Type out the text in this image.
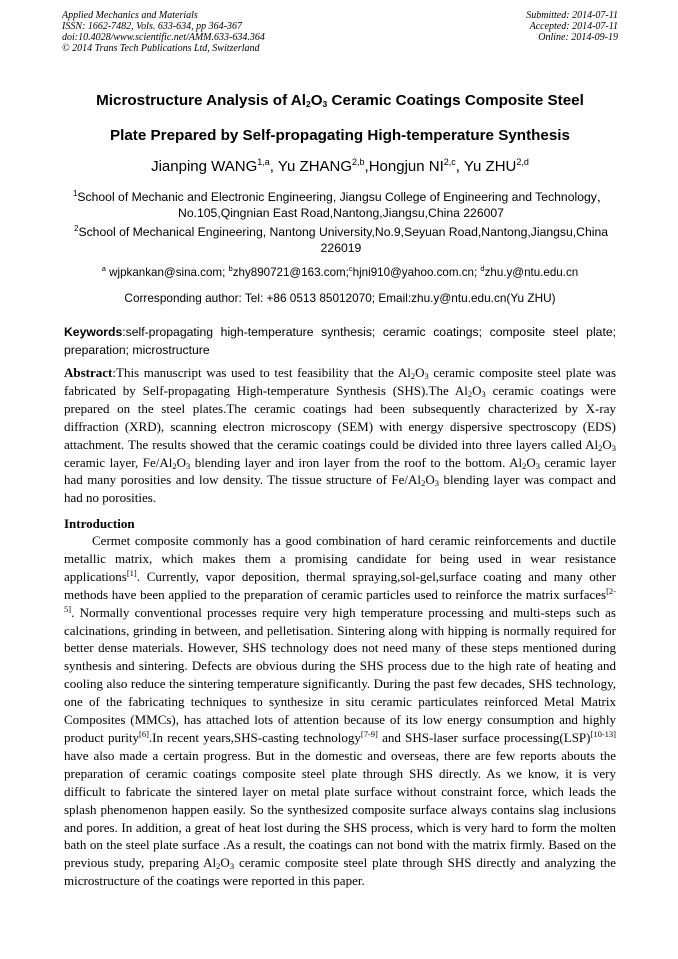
Applied Mechanics and Materials
ISSN: 1662-7482, Vols. 633-634, pp 364-367
doi:10.4028/www.scientific.net/AMM.633-634.364
© 2014 Trans Tech Publications Ltd, Switzerland
Submitted: 2014-07-11
Accepted: 2014-07-11
Online: 2014-09-19
Microstructure Analysis of $Al_2O_3$ Ceramic Coatings Composite Steel
Plate Prepared by Self-propagating High-temperature Synthesis
Jianping WANG$^{1,a}$, Yu ZHANG$^{2,b}$,Hongjun NI$^{2,c}$, Yu ZHU$^{2,d}$
$^1$School of Mechanic and Electronic Engineering, Jiangsu College of Engineering and Technology，No.105,Qingnian East Road,Nantong,Jiangsu,China 226007
$^2$School of Mechanical Engineering, Nantong University,No.9,Seyuan Road,Nantong,Jiangsu,China 226019
$^a$ wjpkankan@sina.com; $^b$zhy890721@163.com;$^c$hjni910@yahoo.com.cn; $^d$zhu.y@ntu.edu.cn
Corresponding author: Tel: +86 0513 85012070; Email:zhu.y@ntu.edu.cn(Yu ZHU)
Keywords:self-propagating high-temperature synthesis; ceramic coatings; composite steel plate; preparation; microstructure
Abstract:This manuscript was used to test feasibility that the $Al_2O_3$ ceramic composite steel plate was fabricated by Self-propagating High-temperature Synthesis (SHS).The $Al_2O_3$ ceramic coatings were prepared on the steel plates.The ceramic coatings had been subsequently characterized by X-ray diffraction (XRD), scanning electron microscopy (SEM) with energy dispersive spectroscopy (EDS) attachment. The results showed that the ceramic coatings could be divided into three layers called $Al_2O_3$ ceramic layer, $Fe/Al_2O_3$ blending layer and iron layer from the roof to the bottom. $Al_2O_3$ ceramic layer had many porosities and low density. The tissue structure of $Fe/Al_2O_3$ blending layer was compact and had no porosities.
Introduction
Cermet composite commonly has a good combination of hard ceramic reinforcements and ductile metallic matrix, which makes them a promising candidate for being used in wear resistance applications[1]. Currently, vapor deposition, thermal spraying,sol-gel,surface coating and many other methods have been applied to the preparation of ceramic particles used to reinforce the matrix surfaces[2-5]. Normally conventional processes require very high temperature processing and multi-steps such as calcinations, grinding in between, and pelletisation. Sintering along with hipping is normally required for better dense materials. However, SHS technology does not need many of these steps mentioned during synthesis and sintering. Defects are obvious during the SHS process due to the high rate of heating and cooling also reduce the sintering temperature significantly. During the past few decades, SHS technology, one of the fabricating techniques to synthesize in situ ceramic particulates reinforced Metal Matrix Composites (MMCs), has attached lots of attention because of its low energy consumption and highly product purity[6].In recent years,SHS-casting technology[7-9] and SHS-laser surface processing(LSP)[10-13] have also made a certain progress. But in the domestic and overseas, there are few reports abouts the preparation of ceramic coatings composite steel plate through SHS directly. As we know, it is very difficult to fabricate the sintered layer on metal plate surface without constraint force, which leads the splash phenomenon happen easily. So the synthesized composite surface always contains slag inclusions and pores. In addition, a great of heat lost during the SHS process, which is very hard to form the molten bath on the steel plate surface .As a result, the coatings can not bond with the matrix firmly. Based on the previous study, preparing $Al_2O_3$ ceramic composite steel plate through SHS directly and analyzing the microstructure of the coatings were reported in this paper.
